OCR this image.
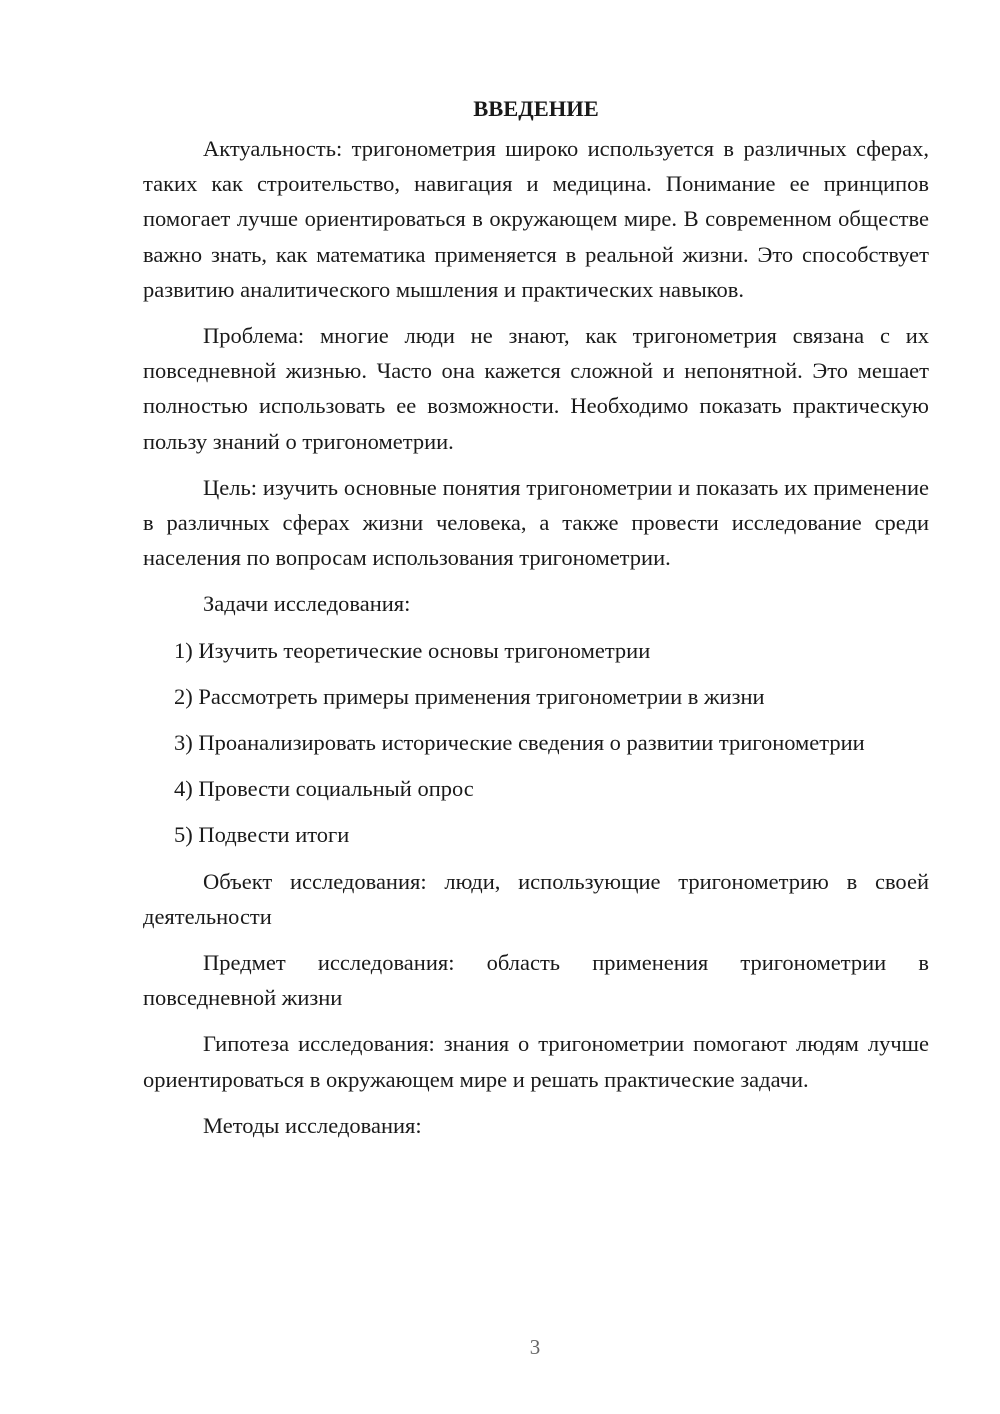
ВВЕДЕНИЕ

Актуальность: тригонометрия широко используется в различных сферах, таких как строительство, навигация и медицина. Понимание ее принципов помогает лучше ориентироваться в окружающем мире. В современном обществе важно знать, как математика применяется в реальной жизни. Это способствует развитию аналитического мышления и практических навыков.

Проблема: многие люди не знают, как тригонометрия связана с их повседневной жизнью. Часто она кажется сложной и непонятной. Это мешает полностью использовать ее возможности. Необходимо показать практическую пользу знаний о тригонометрии.

Цель: изучить основные понятия тригонометрии и показать их применение в различных сферах жизни человека, а также провести исследование среди населения по вопросам использования тригонометрии.

Задачи исследования:

1) Изучить теоретические основы тригонометрии

2) Рассмотреть примеры применения тригонометрии в жизни

3) Проанализировать исторические сведения о развитии тригонометрии

4) Провести социальный опрос

5) Подвести итоги

Объект исследования: люди, использующие тригонометрию в своей деятельности

Предмет исследования: область применения тригонометрии в повседневной жизни

Гипотеза исследования: знания о тригонометрии помогают людям лучше ориентироваться в окружающем мире и решать практические задачи.

Методы исследования:

3
